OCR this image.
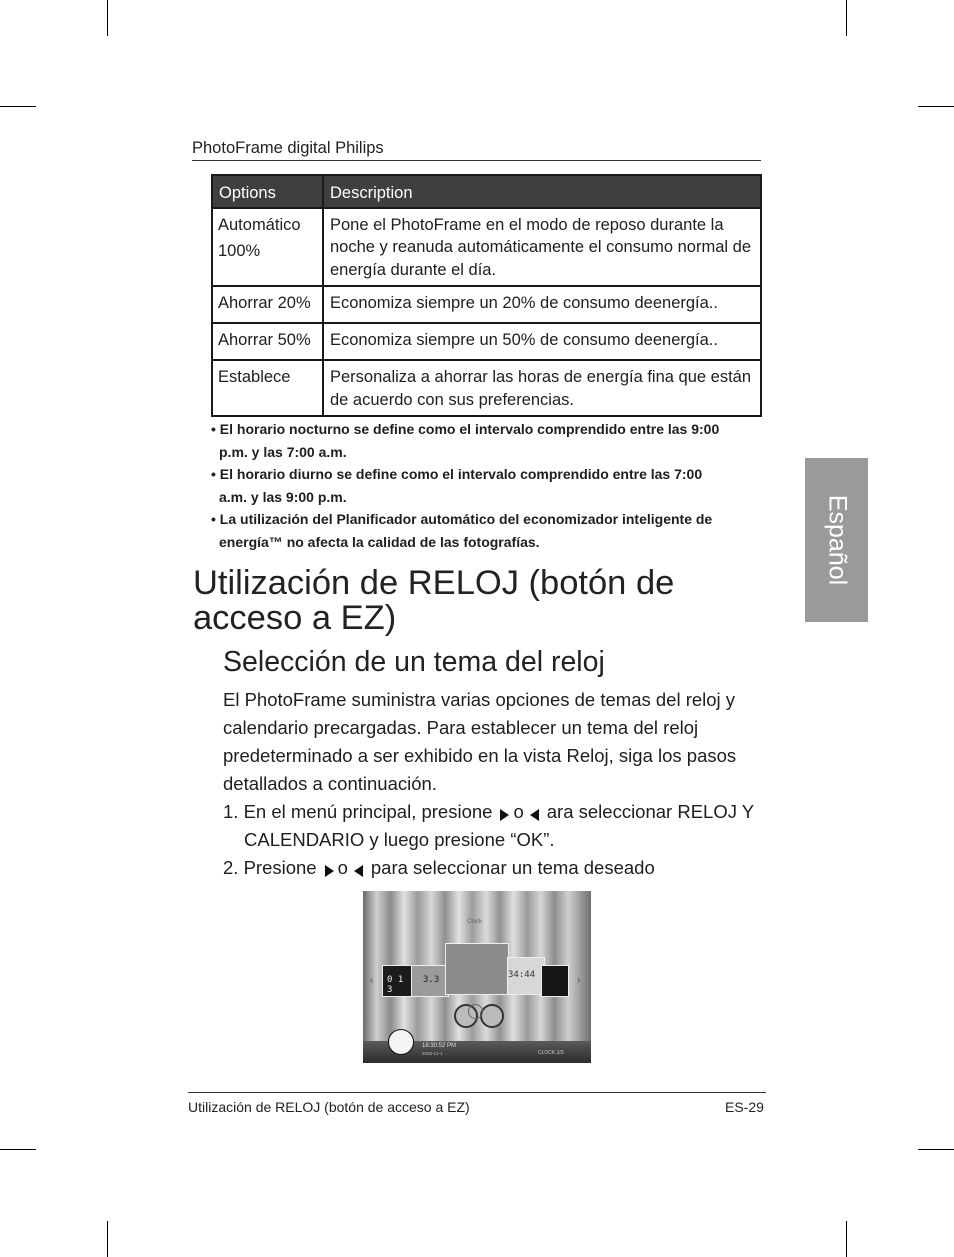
PhotoFrame digital Philips
Options	Description

Automático
100%	Pone el PhotoFrame en el modo de reposo durante la noche y reanuda automáticamente el consumo normal de energía durante el día.
Ahorrar 20%	Economiza siempre un 20% de consumo deenergía..
Ahorrar 50%	Economiza siempre un 50% de consumo deenergía..
Establece	Personaliza a ahorrar las horas de energía fina que están de acuerdo con sus preferencias.
• El horario nocturno se define como el intervalo comprendido entre las 9:00 p.m. y las 7:00 a.m.
• El horario diurno se define como el intervalo comprendido entre las 7:00 a.m. y las 9:00 p.m.
• La utilización del Planificador automático del economizador inteligente de energía™ no afecta la calidad de las fotografías.
Utilización de RELOJ (botón de acceso a EZ)
Selección de un tema del reloj
El PhotoFrame suministra varias opciones de temas del reloj y calendario precargadas. Para establecer un tema del reloj predeterminado a ser exhibido en la vista Reloj, siga los pasos detallados a continuación.
1. En el menú principal, presione o ara seleccionar RELOJ Y CALENDARIO y luego presione “OK”.
2. Presione o para seleccionar un tema deseado
Clock
‹	›
0 1 3
3.3	34:44
18:30:52 PM
2006-12-1	CLOCK 2/3
Español
Utilización de RELOJ (botón de acceso a EZ)	ES-29
